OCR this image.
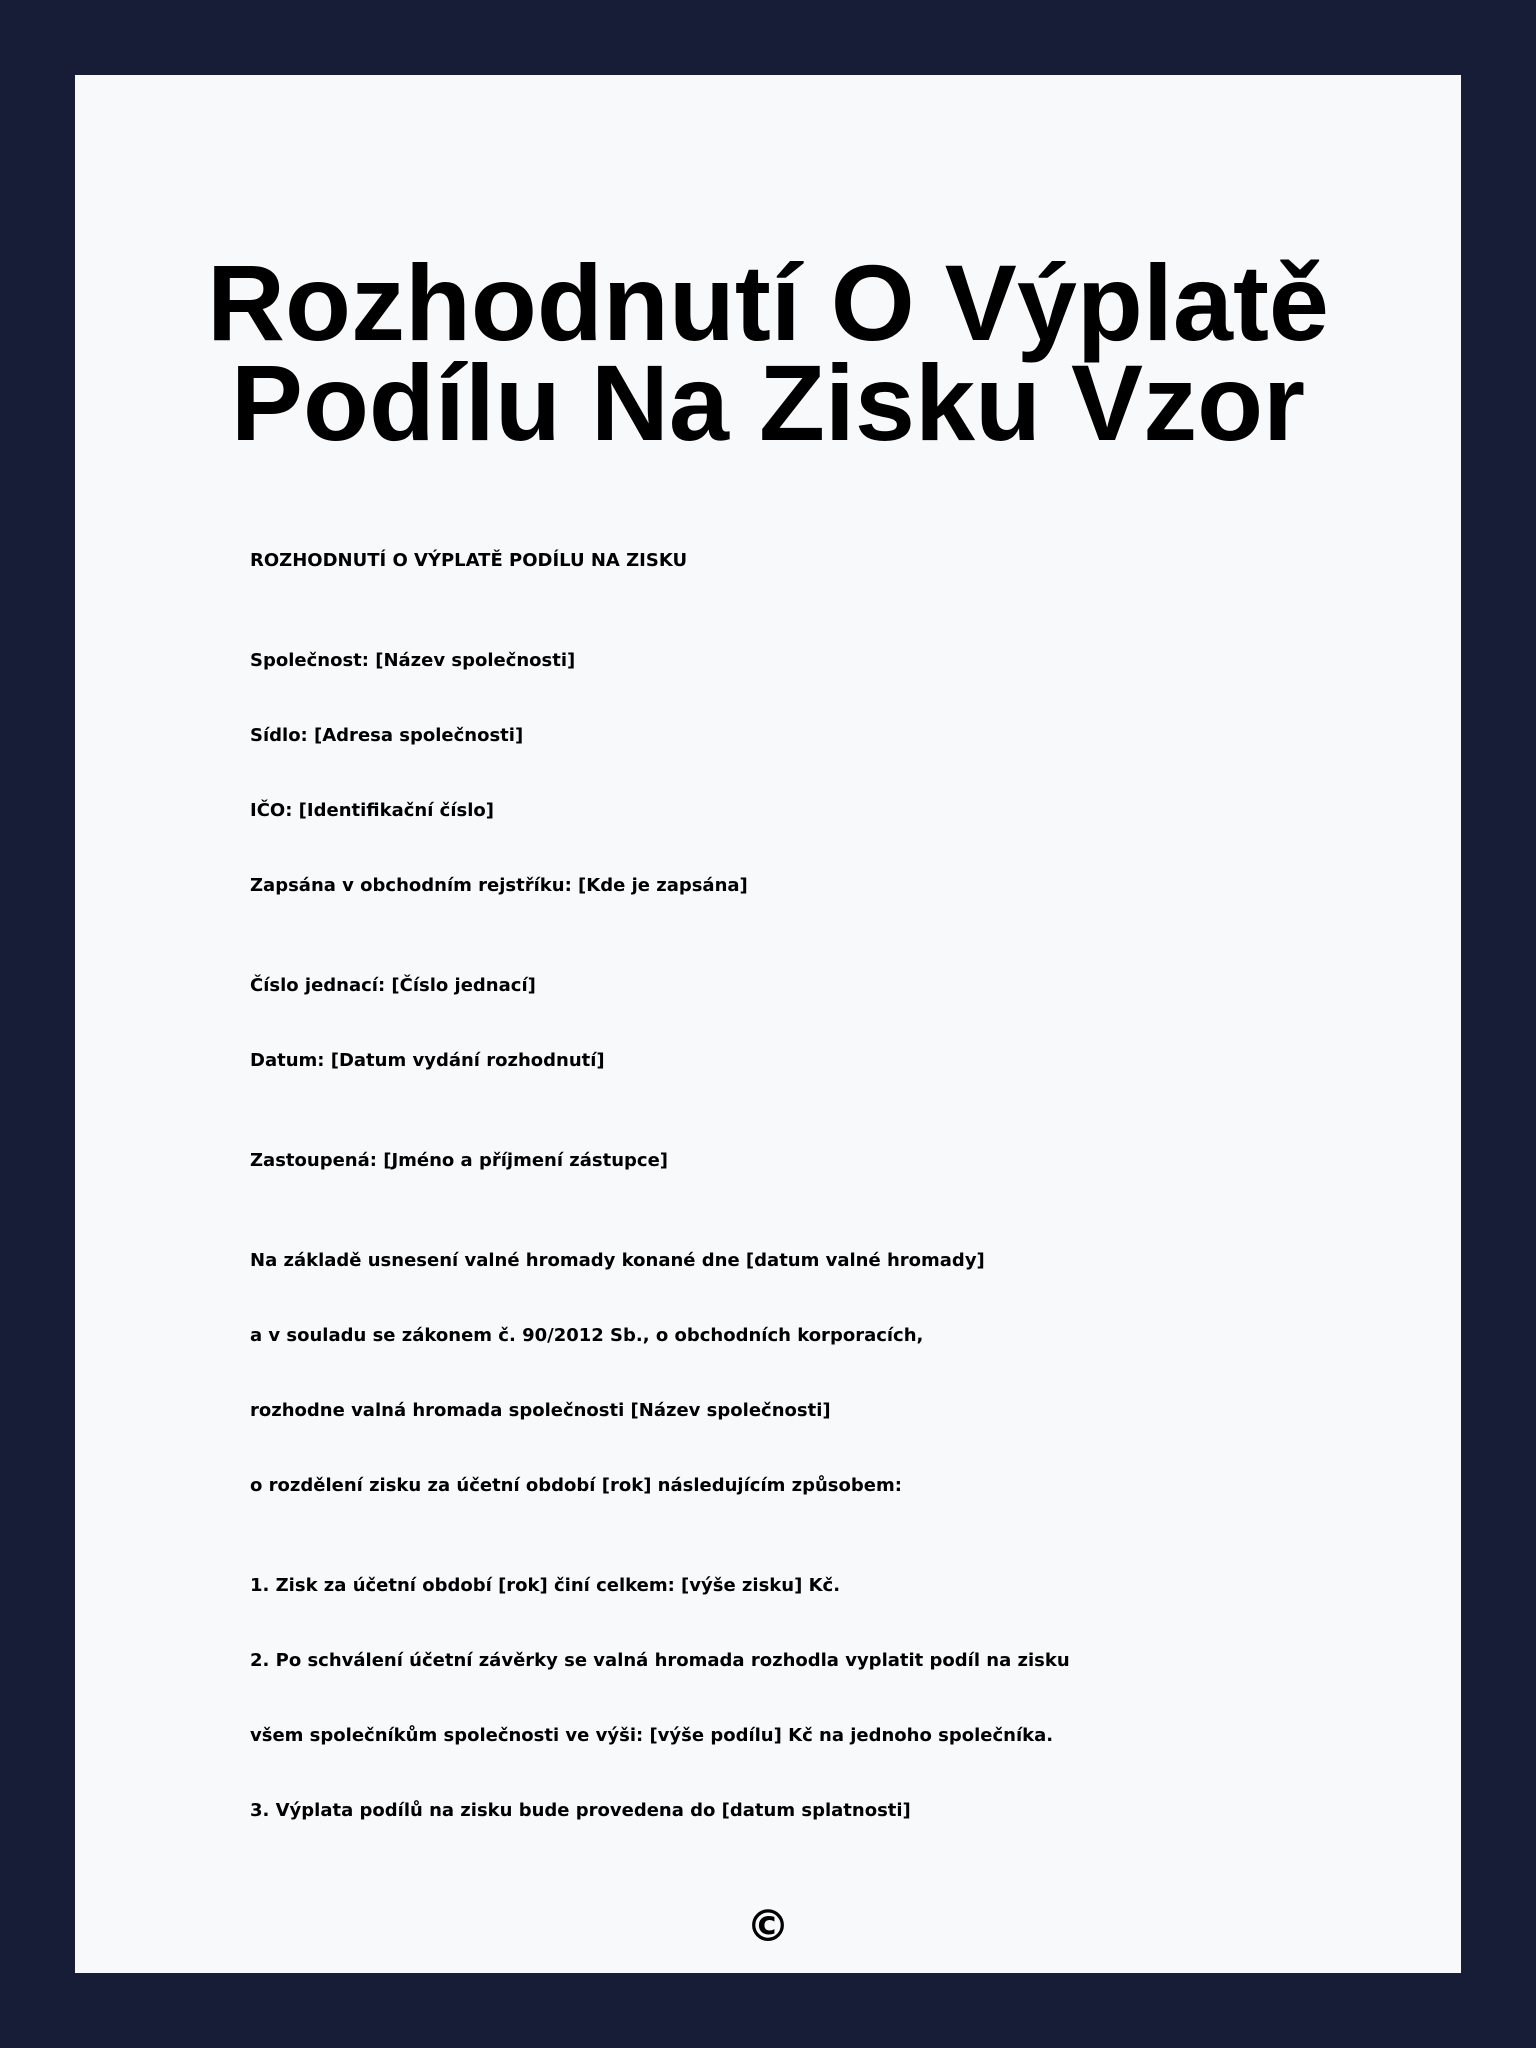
Rozhodnutí O Výplatě Podílu Na Zisku Vzor
ROZHODNUTÍ O VÝPLATĚ PODÍLU NA ZISKU
Společnost: [Název společnosti]
Sídlo: [Adresa společnosti]
IČO: [Identifikační číslo]
Zapsána v obchodním rejstříku: [Kde je zapsána]
Číslo jednací: [Číslo jednací]
Datum: [Datum vydání rozhodnutí]
Zastoupená: [Jméno a příjmení zástupce]
Na základě usnesení valné hromady konané dne [datum valné hromady]
a v souladu se zákonem č. 90/2012 Sb., o obchodních korporacích,
rozhodne valná hromada společnosti [Název společnosti]
o rozdělení zisku za účetní období [rok] následujícím způsobem:
1. Zisk za účetní období [rok] činí celkem: [výše zisku] Kč.
2. Po schválení účetní závěrky se valná hromada rozhodla vyplatit podíl na zisku
všem společníkům společnosti ve výši: [výše podílu] Kč na jednoho společníka.
3. Výplata podílů na zisku bude provedena do [datum splatnosti]
©
